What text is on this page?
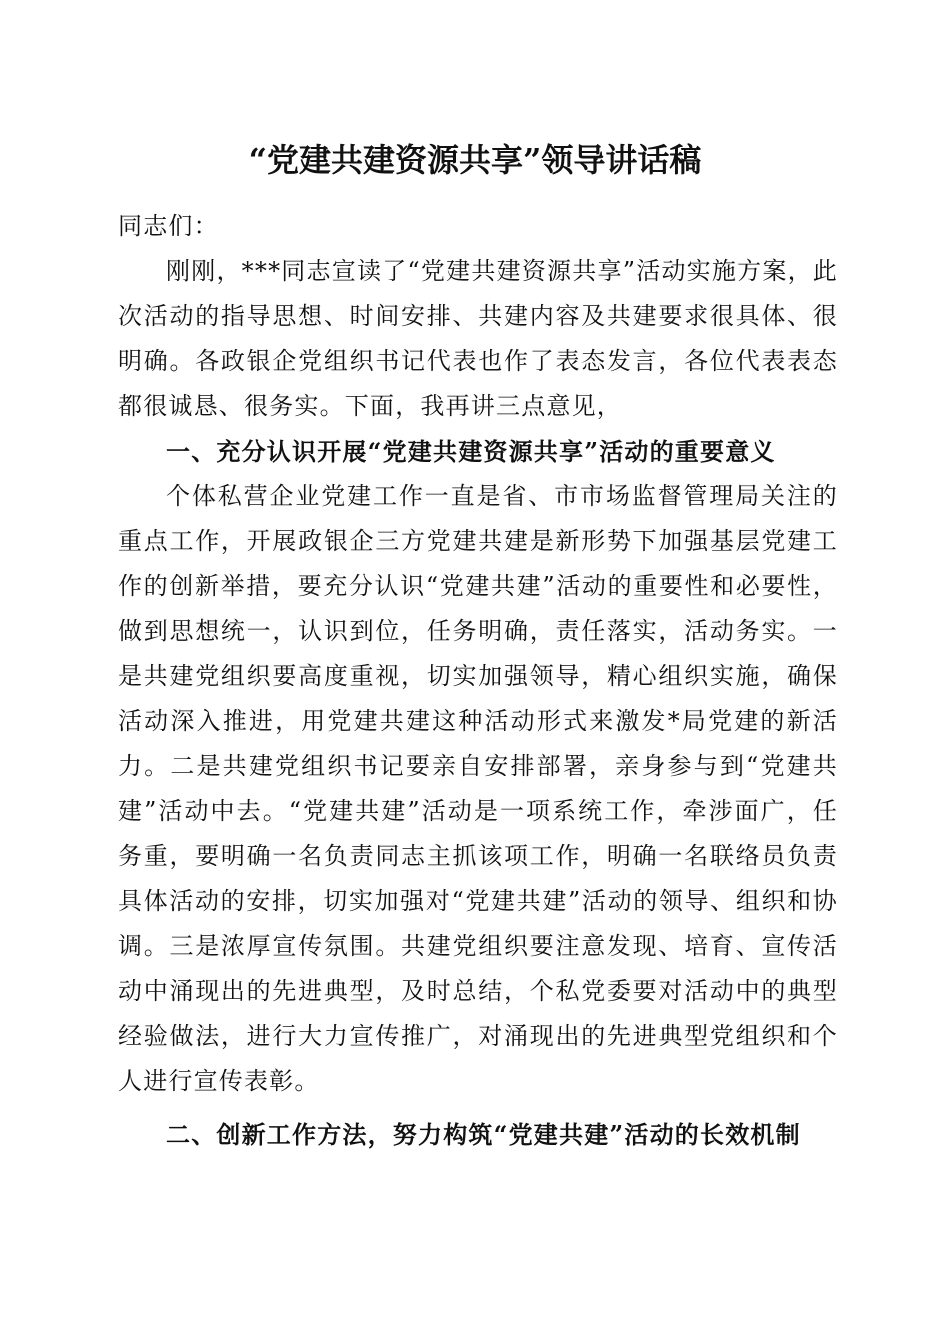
“党建共建资源共享”领导讲话稿

同志们：

刚刚，***同志宣读了“党建共建资源共享”活动实施方案，此次活动的指导思想、时间安排、共建内容及共建要求很具体、很明确。各政银企党组织书记代表也作了表态发言，各位代表表态都很诚恳、很务实。下面，我再讲三点意见，

一、充分认识开展“党建共建资源共享”活动的重要意义

个体私营企业党建工作一直是省、市市场监督管理局关注的重点工作，开展政银企三方党建共建是新形势下加强基层党建工作的创新举措，要充分认识“党建共建”活动的重要性和必要性，做到思想统一，认识到位，任务明确，责任落实，活动务实。一是共建党组织要高度重视，切实加强领导，精心组织实施，确保活动深入推进，用党建共建这种活动形式来激发*局党建的新活力。二是共建党组织书记要亲自安排部署，亲身参与到“党建共建”活动中去。“党建共建”活动是一项系统工作，牵涉面广，任务重，要明确一名负责同志主抓该项工作，明确一名联络员负责具体活动的安排，切实加强对“党建共建”活动的领导、组织和协调。三是浓厚宣传氛围。共建党组织要注意发现、培育、宣传活动中涌现出的先进典型，及时总结，个私党委要对活动中的典型经验做法，进行大力宣传推广，对涌现出的先进典型党组织和个人进行宣传表彰。

二、创新工作方法，努力构筑“党建共建”活动的长效机制
